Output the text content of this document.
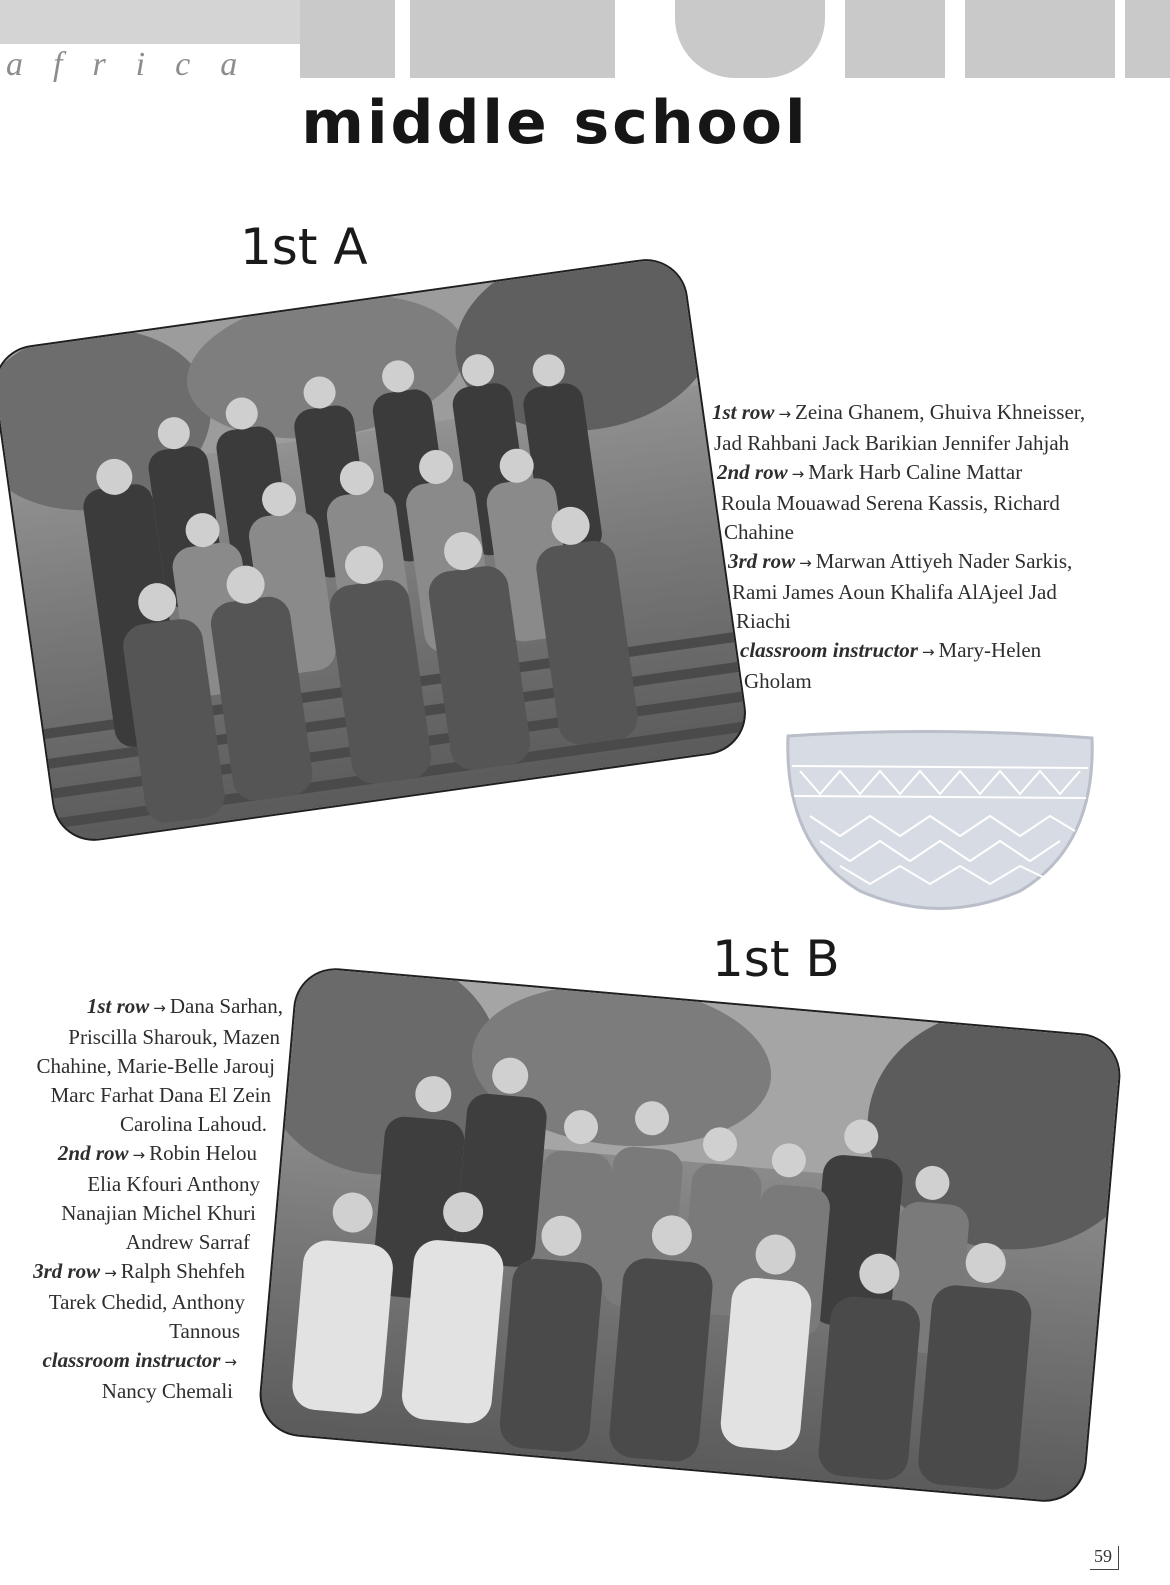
africa
middle school
1st A
1st row → Zeina Ghanem, Ghuiva Khneisser,
Jad Rahbani Jack Barikian Jennifer Jahjah
2nd row → Mark Harb Caline Mattar
Roula Mouawad Serena Kassis, Richard
Chahine
3rd row → Marwan Attiyeh Nader Sarkis,
Rami James Aoun Khalifa AlAjeel Jad
Riachi
classroom instructor → Mary-Helen
Gholam
1st B
1st row → Dana Sarhan,
Priscilla Sharouk, Mazen
Chahine, Marie-Belle Jarouj
Marc Farhat Dana El Zein
Carolina Lahoud.
2nd row → Robin Helou
Elia Kfouri Anthony
Nanajian Michel Khuri
Andrew Sarraf
3rd row → Ralph Shehfeh
Tarek Chedid, Anthony
Tannous
classroom instructor →
Nancy Chemali
59
